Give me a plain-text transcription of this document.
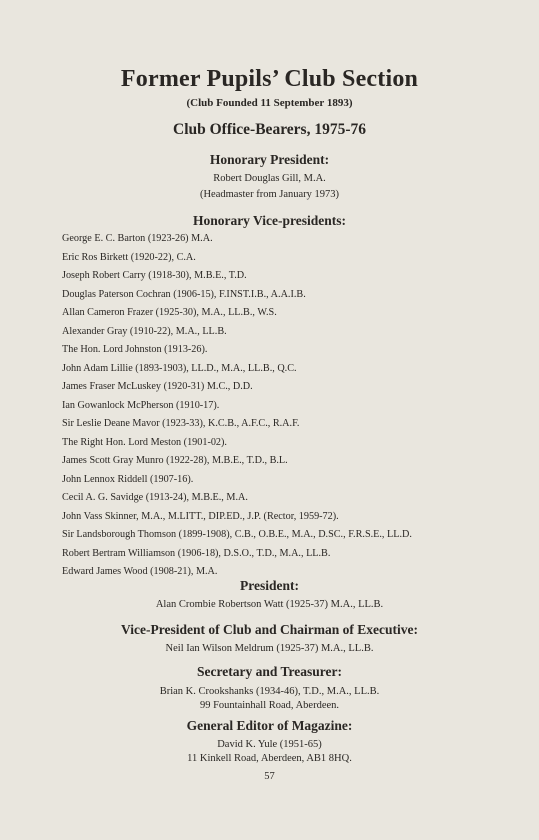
Former Pupils’ Club Section
(Club Founded 11 September 1893)
Club Office-Bearers, 1975-76
Honorary President:
Robert Douglas Gill, M.A.
(Headmaster from January 1973)
Honorary Vice-presidents:
George E. C. Barton (1923-26) M.A.
Eric Ros Birkett (1920-22), C.A.
Joseph Robert Carry (1918-30), M.B.E., T.D.
Douglas Paterson Cochran (1906-15), F.INST.I.B., A.A.I.B.
Allan Cameron Frazer (1925-30), M.A., LL.B., W.S.
Alexander Gray (1910-22), M.A., LL.B.
The Hon. Lord Johnston (1913-26).
John Adam Lillie (1893-1903), LL.D., M.A., LL.B., Q.C.
James Fraser McLuskey (1920-31) M.C., D.D.
Ian Gowanlock McPherson (1910-17).
Sir Leslie Deane Mavor (1923-33), K.C.B., A.F.C., R.A.F.
The Right Hon. Lord Meston (1901-02).
James Scott Gray Munro (1922-28), M.B.E., T.D., B.L.
John Lennox Riddell (1907-16).
Cecil A. G. Savidge (1913-24), M.B.E., M.A.
John Vass Skinner, M.A., M.LITT., DIP.ED., J.P. (Rector, 1959-72).
Sir Landsborough Thomson (1899-1908), C.B., O.B.E., M.A., D.SC., F.R.S.E., LL.D.
Robert Bertram Williamson (1906-18), D.S.O., T.D., M.A., LL.B.
Edward James Wood (1908-21), M.A.
President:
Alan Crombie Robertson Watt (1925-37) M.A., LL.B.
Vice-President of Club and Chairman of Executive:
Neil Ian Wilson Meldrum (1925-37) M.A., LL.B.
Secretary and Treasurer:
Brian K. Crookshanks (1934-46), T.D., M.A., LL.B.
99 Fountainhall Road, Aberdeen.
General Editor of Magazine:
David K. Yule (1951-65)
11 Kinkell Road, Aberdeen, AB1 8HQ.
57
